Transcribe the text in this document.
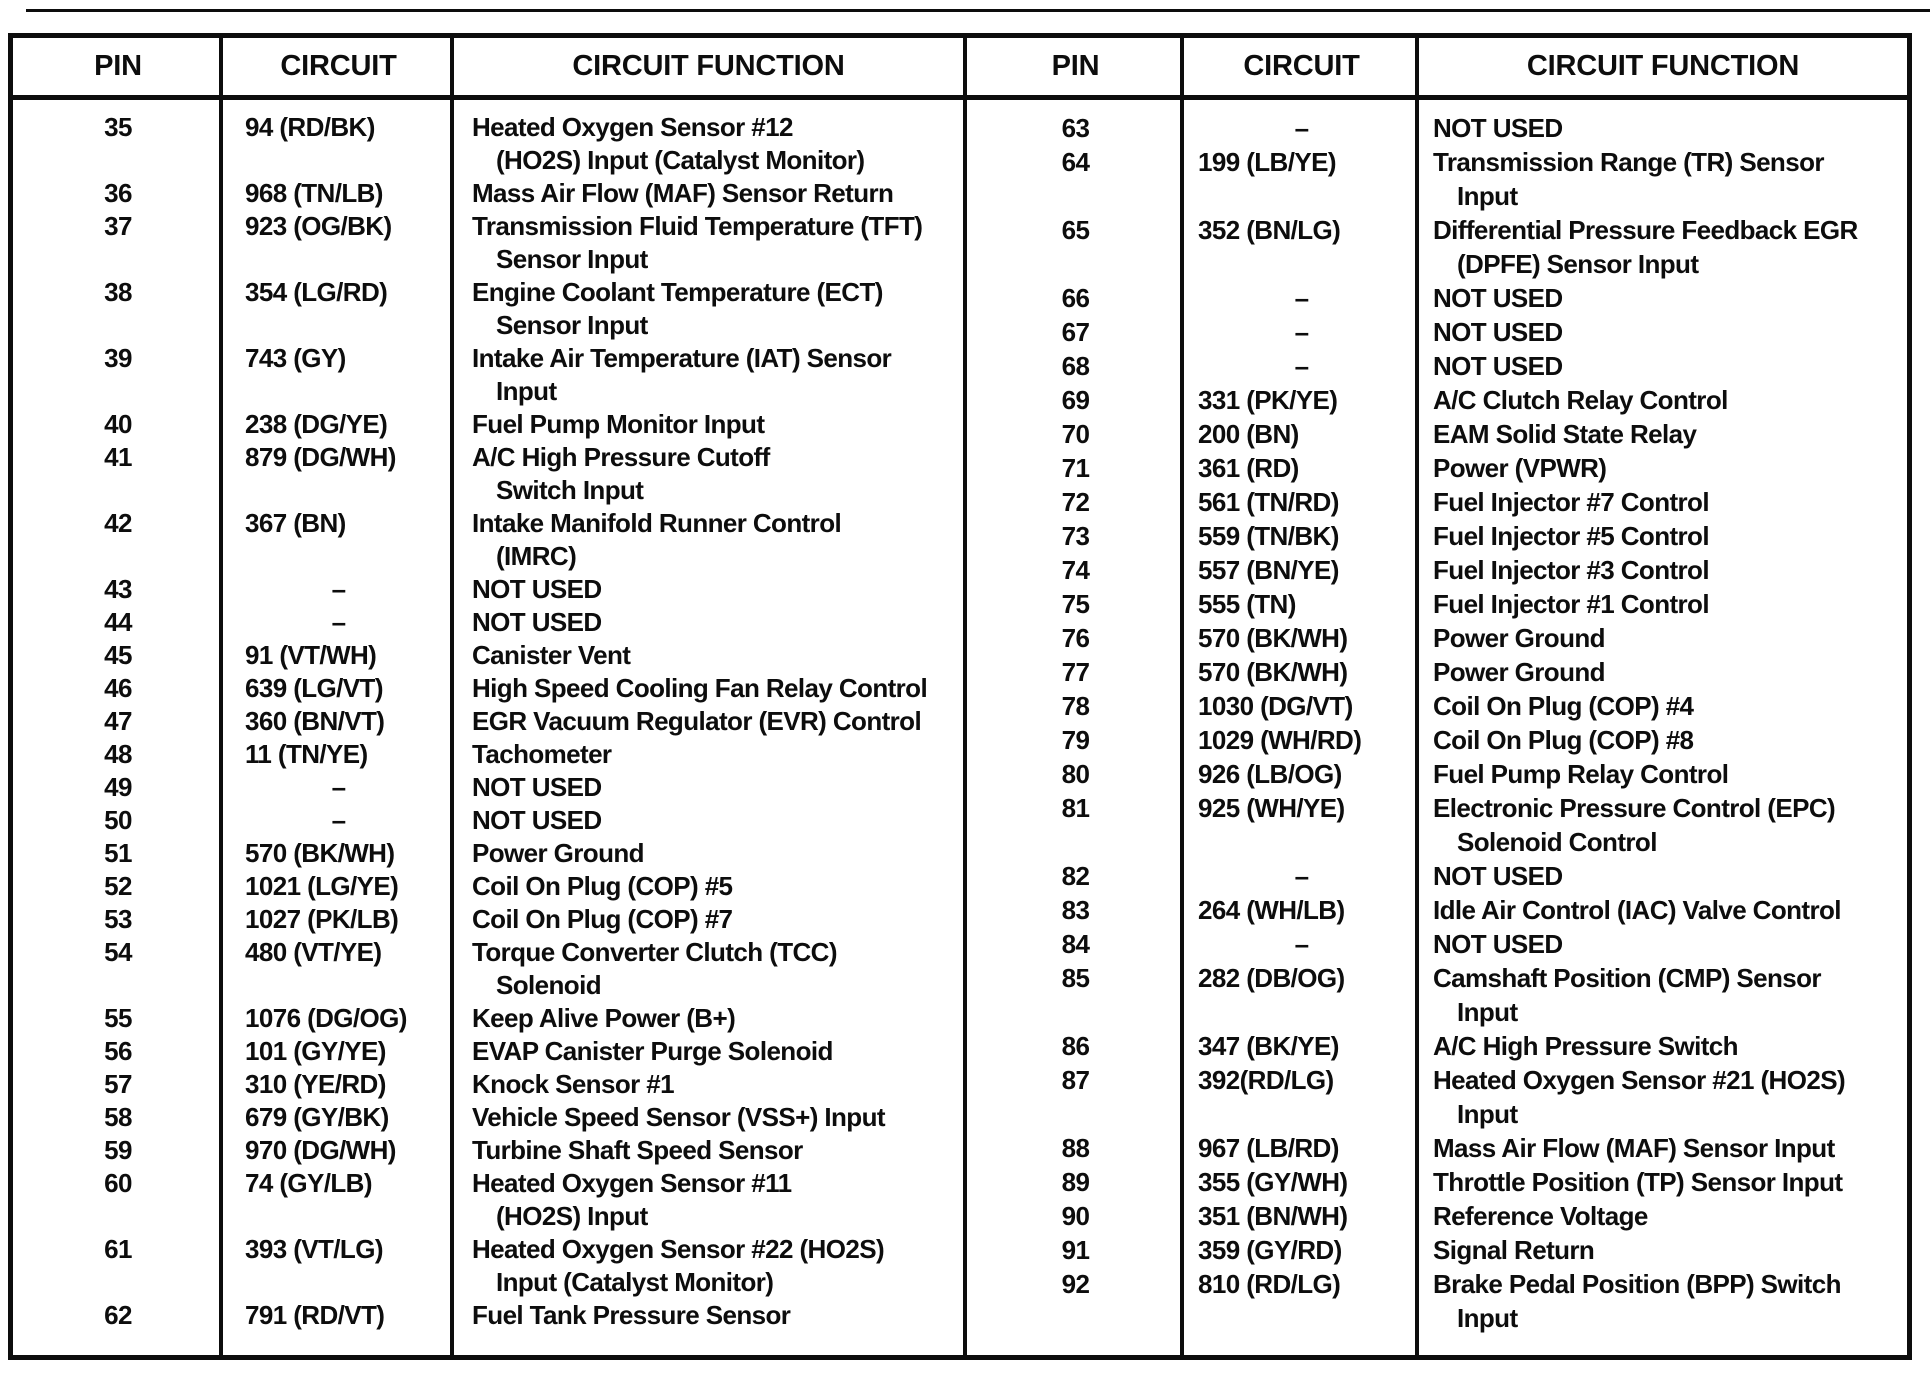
PIN	CIRCUIT	CIRCUIT FUNCTION
35	94 (RD/BK)	Heated Oxygen Sensor #12
(HO2S) Input (Catalyst Monitor)
36	968 (TN/LB)	Mass Air Flow (MAF) Sensor Return
37	923 (OG/BK)	Transmission Fluid Temperature (TFT)
Sensor Input
38	354 (LG/RD)	Engine Coolant Temperature (ECT)
Sensor Input
39	743 (GY)	Intake Air Temperature (IAT) Sensor
Input
40	238 (DG/YE)	Fuel Pump Monitor Input
41	879 (DG/WH)	A/C High Pressure Cutoff
Switch Input
42	367 (BN)	Intake Manifold Runner Control
(IMRC)
43	–	NOT USED
44	–	NOT USED
45	91 (VT/WH)	Canister Vent
46	639 (LG/VT)	High Speed Cooling Fan Relay Control
47	360 (BN/VT)	EGR Vacuum Regulator (EVR) Control
48	11 (TN/YE)	Tachometer
49	–	NOT USED
50	–	NOT USED
51	570 (BK/WH)	Power Ground
52	1021 (LG/YE)	Coil On Plug (COP) #5
53	1027 (PK/LB)	Coil On Plug (COP) #7
54	480 (VT/YE)	Torque Converter Clutch (TCC)
Solenoid
55	1076 (DG/OG)	Keep Alive Power (B+)
56	101 (GY/YE)	EVAP Canister Purge Solenoid
57	310 (YE/RD)	Knock Sensor #1
58	679 (GY/BK)	Vehicle Speed Sensor (VSS+) Input
59	970 (DG/WH)	Turbine Shaft Speed Sensor
60	74 (GY/LB)	Heated Oxygen Sensor #11
(HO2S) Input
61	393 (VT/LG)	Heated Oxygen Sensor #22 (HO2S)
Input (Catalyst Monitor)
62	791 (RD/VT)	Fuel Tank Pressure Sensor
PIN	CIRCUIT	CIRCUIT FUNCTION
63	–	NOT USED
64	199 (LB/YE)	Transmission Range (TR) Sensor
Input
65	352 (BN/LG)	Differential Pressure Feedback EGR
(DPFE) Sensor Input
66	–	NOT USED
67	–	NOT USED
68	–	NOT USED
69	331 (PK/YE)	A/C Clutch Relay Control
70	200 (BN)	EAM Solid State Relay
71	361 (RD)	Power (VPWR)
72	561 (TN/RD)	Fuel Injector #7 Control
73	559 (TN/BK)	Fuel Injector #5 Control
74	557 (BN/YE)	Fuel Injector #3 Control
75	555 (TN)	Fuel Injector #1 Control
76	570 (BK/WH)	Power Ground
77	570 (BK/WH)	Power Ground
78	1030 (DG/VT)	Coil On Plug (COP) #4
79	1029 (WH/RD)	Coil On Plug (COP) #8
80	926 (LB/OG)	Fuel Pump Relay Control
81	925 (WH/YE)	Electronic Pressure Control (EPC)
Solenoid Control
82	–	NOT USED
83	264 (WH/LB)	Idle Air Control (IAC) Valve Control
84	–	NOT USED
85	282 (DB/OG)	Camshaft Position (CMP) Sensor
Input
86	347 (BK/YE)	A/C High Pressure Switch
87	392(RD/LG)	Heated Oxygen Sensor #21 (HO2S)
Input
88	967 (LB/RD)	Mass Air Flow (MAF) Sensor Input
89	355 (GY/WH)	Throttle Position (TP) Sensor Input
90	351 (BN/WH)	Reference Voltage
91	359 (GY/RD)	Signal Return
92	810 (RD/LG)	Brake Pedal Position (BPP) Switch
Input
